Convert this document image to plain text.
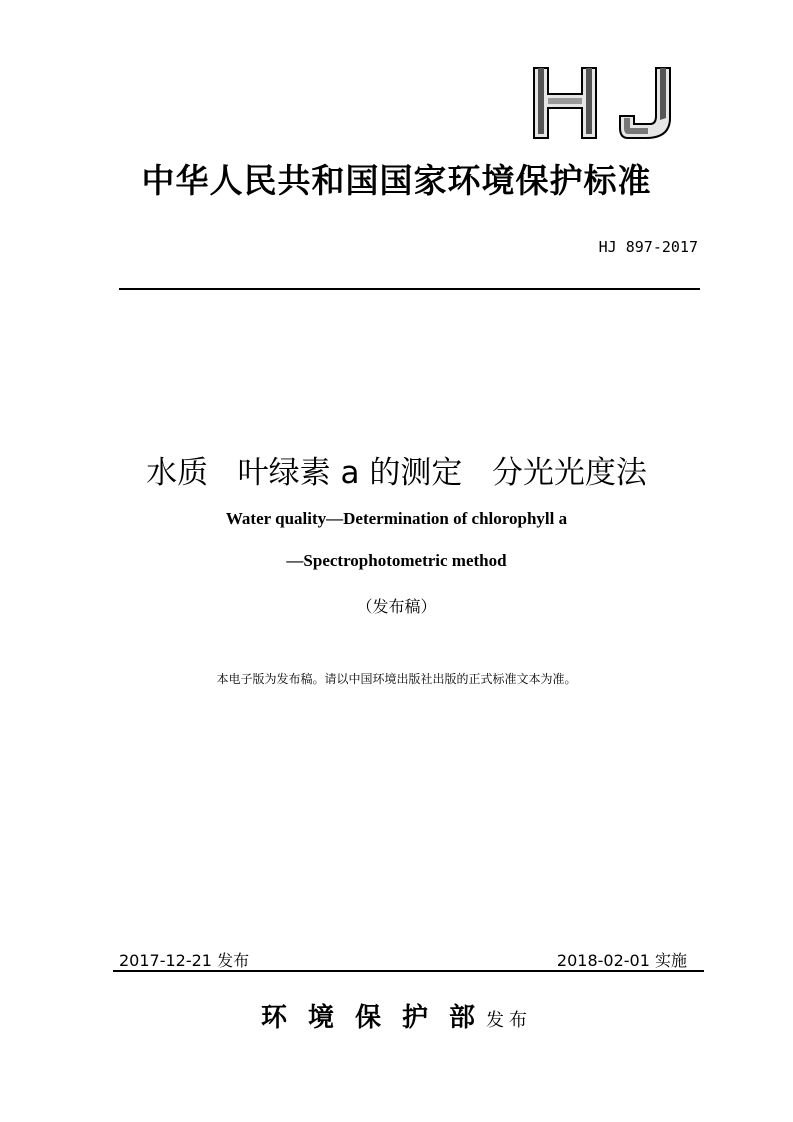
中华人民共和国国家环境保护标准
HJ 897-2017
水质   叶绿素 a 的测定   分光光度法
Water quality—Determination of chlorophyll a
—Spectrophotometric method
（发布稿）
本电子版为发布稿。请以中国环境出版社出版的正式标准文本为准。
2017-12-21 发布	2018-02-01 实施
环境保护部发布
